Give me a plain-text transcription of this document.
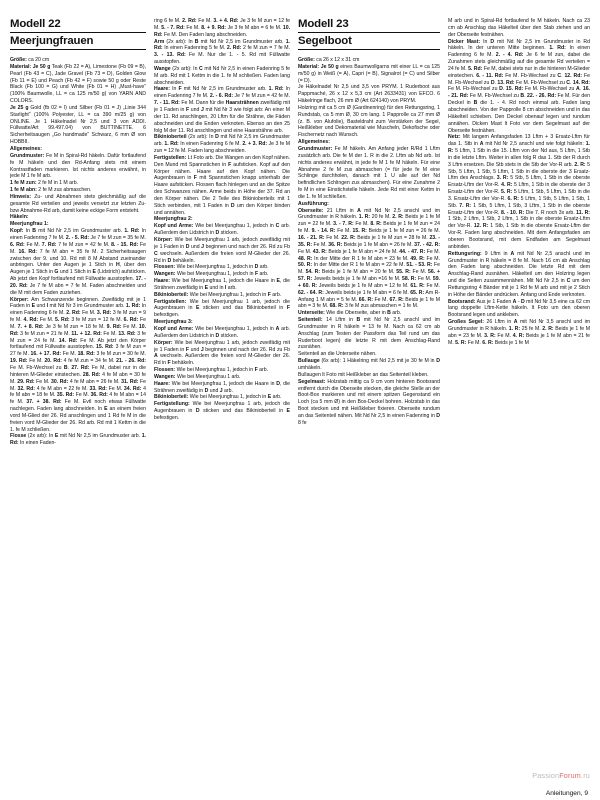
Modell 22
Meerjungfrauen

Größe: ca 20 cm

Material: Je 50 g Teak (Fb 22 = A), Limestone (Fb 09 = B), Pearl (Fb 43 = C), Jade Gravel (Fb 73 = D), Golden Glow (Fb 11 = E) und Peach (Fb 42 = F) sowie 50 g oder Reste Black (Fb 100 = G) und White (Fb 01 = H) „Must-have“ (100% Baumwolle, LL = ca 125 m/50 g) von YARN AND COLORS.

Je 25 g Gold (fb 02 = I) und Silber (Fb 01 = J) „Linie 344 Starlight“ (100% Polyester, LL = ca 390 m/25 g) von ONLINE. Je 1 Häkelnadel Nr 2,5 und 3 von ADDI. Füllwatte/Art 99.497.04) von BUTTINETTE. 6 Sicherheitsaugen „Go handmade“ Schwarz, 6 mm Ø von HOBBII.

Allgemeines:

Grundmuster: Fe M in Spiral-Rd häkeln. Dafür fortlaufend fe M häkeln und den Rd-Anfang stets mit einem Kontrastfaden markieren. Ist nichts anderes erwähnt, in jede M 1 fe M arb.

1 fe M zun: 2 fe M in 1 M arb.

1 fe M abn: 2 fe M zus abmaschen.

Hinweis: Zu- und Abnahmen stets gleichmäßig auf die gesamte Rd verteilen und jeweils versetzt zur letzten Zu- bzw Abnahme-Rd arb, damit keine eckige Form entsteht.

Häkeln:

Meerjungfrau 1:

Kopf: In B mit Nd Nr 2,5 im Grundmuster arb. 1. Rd: In einen Fadenring 7 fe M. 2. - 5. Rd: Je 7 fe M zun = 35 fe M. 6. Rd: Fe M. 7. Rd: 7 fe M zun = 42 fe M. 8. - 15. Rd: Fe M. 16. Rd: 7 fe M abn = 35 fe M. 2 Sicherheitsaugen zwischen der 9. und 10. Rd mit 8 M Abstand zueinander anbringen. Unter den Augen je 1 Stich in H, über den Augen je 1 Stich in G und 1 Stich in E (Lidstrich) aufsticken. Ab jetzt den Kopf fortlaufend mit Füllwatte ausstopfen. 17. - 20. Rd: Je 7 fe M abn = 7 fe M. Faden abschneiden und die M mit dem Faden zuziehen.

Körper: Am Schwanzende beginnen. Zweifädig mit je 1 Faden in E und I mit Nd Nr 3 im Grundmuster arb. 1. Rd: In einen Fadenring 6 fe M. 2. Rd: Fe M. 3. Rd: 3 fe M zun = 9 fe M. 4. Rd: Fe M. 5. Rd: 3 fe M zun = 12 fe M. 6. Rd: Fe M. 7. + 8. Rd: Je 3 fe M zun = 18 fe M. 9. Rd: Fe M. 10. Rd: 3 fe M zun = 21 fe M. 11. + 12. Rd: Fe M. 13. Rd: 3 fe M zun = 24 fe M. 14. Rd: Fe M. Ab jetzt den Körper fortlaufend mit Füllwatte ausstopfen. 15. Rd: 3 fe M zun = 27 fe M. 16. + 17. Rd: Fe M. 18. Rd: 3 fe M zun = 30 fe M. 19. Rd: Fe M. 20. Rd: 4 fe M zun = 34 fe M. 21. - 26. Rd: Fe M. Fb-Wechsel zu B. 27. Rd: Fe M, dabei nur in die hinteren M-Glieder einstechen. 28. Rd: 4 fe M abn = 30 fe M. 29. Rd: Fe M. 30. Rd: 4 fe M abn = 26 fe M. 31. Rd: Fe M. 32. Rd: 4 fe M abn = 22 fe M. 33. Rd: Fe M. 34. Rd: 4 fe M abn = 18 fe M. 35. Rd: Fe M. 36. Rd: 4 fe M abn = 14 fe M. 37. + 38. Rd: Fe M. Evtl noch etwas Füllwatte nachlegen. Faden lang abschneiden. In E an einem freien vord M-Glied der 26. Rd anschlingen und 1 Rd fe M in die freien vord M-Glieder der 26. Rd arb. Rd mit 1 Kettm in die 1. fe M schließen.

Flosse (2x arb): In E mit Nd Nr 2,5 im Grundmuster arb. 1. Rd: In einen Faden-

ring 6 fe M. 2. Rd: Fe M. 3. + 4. Rd: Je 3 fe M zun = 12 fe M. 5. - 7. Rd: Fe M. 8. + 9. Rd: Je 3 fe M abn = 6 fe M. 10. Rd: Fe M. Den Faden lang abschneiden.

Arm (2x arb): In B mit Nd Nr 2,5 im Grundmuster arb. 1. Rd: In einen Fadenring 5 fe M. 2. Rd: 2 fe M zun = 7 fe M. 3. - 13. Rd: Fe M. Nur die 1. - 5. Rd mit Füllwatte ausstopfen.

Wange (2x arb): In C mit Nd Nr 2,5 in einen Fadenring 5 fe M arb. Rd mit 1 Kettm in die 1. fe M schließen. Faden lang abschneiden.

Haare: In F mit Nd Nr 2,5 im Grundmuster arb. 1. Rd: In einen Fadenring 7 fe M. 2. - 6. Rd: Je 7 fe M zun = 42 fe M. 7. - 11. Rd: Fe M. Dann für die Haarsträhnen zweifädig mit je 1 Faden in F und J mit Nd Nr 3 wie folgt arb: An einer M der 11. Rd anschlingen, 20 Lftm für die Strähne, die Fäden abschneiden und die Enden verknoten. Ebenso an den 25 folg M der 11. Rd anschlingen und eine Haarsträhne arb.

Bikinioberteil (2x arb): In D mit Nd Nr 2,5 im Grundmuster arb. 1. Rd: In einen Fadenring 6 fe M. 2. + 3. Rd: Je 3 fe M zun = 12 fe M. Faden lang abschneiden.

Fertigstellen: Lt Foto arb. Die Wangen an den Kopf nähen. Den Mund mit Spannstichen in F aufsticken. Kopf auf den Körper nähen. Haare auf den Kopf nähen. Die Augenbrauen in F mit Spannstichen knapp unterhalb der Haare aufsticken. Flossen flach hinlegen und an die Spitze des Schwanzes nähen. Arme beids in Höhe der 37. Rd an den Körper nähen. Die 2 Teile des Bikinioberteils mit 1 Stich verbinden, mit 1 Faden in D um den Körper binden und annähen.

Meerjungfrau 2:

Kopf und Arme: Wie bei Meerjungfrau 1, jedoch in C arb. Außerdem den Lidstrich in D sticken.

Körper: Wie bei Meerjungfrau 1 arb, jedoch zweifädig mit je 1 Faden in D und J beginnen und nach der 26. Rd zu Fb C wechseln. Außerdem die freien vord M-Glieder der 26. Rd in D behäkeln.

Flossen: Wie bei Meerjungfrau 1, jedoch in D arb.

Wangen: Wie bei Meerjungfrau 1, jedoch in F arb.

Haare: Wie bei Meerjungfrau 1, jedoch die Haare in E, die Strähnen zweifädig in E und in I arb.

Bikinioberteil: Wie bei Meerjungfrau 1, jedoch in F arb.

Fertigstellen: Wie bei Meerjungfrau 1 arb, jedoch die Augenbrauen in E sticken und das Bikinioberteil in F befestigen.

Meerjungfrau 3:

Kopf und Arme: Wie bei Meerjungfrau 1, jedoch in A arb. Außerdem den Lidstrich in D sticken.

Körper: Wie bei Meerjungfrau 1 arb, jedoch zweifädig mit je 1 Faden in F und J beginnen und nach der 26. Rd zu Fb A wechseln. Außerdem die freien vord M-Glieder der 26. Rd in F behäkeln.

Flossen: Wie bei Meerjungfrau 1, jedoch in F arb.

Wangen: Wie bei Meerjungfrau 1 arb.

Haare: Wie bei Meerjungfrau 1, jedoch die Haare in D, die Strähnen zweifädig in D und J arb.

Bikinioberteil: Wie bei Meerjungfrau 1, jedoch in E arb.

Fertigstellung: Wie bei Meerjungfrau 1 arb, jedoch die Augenbrauen in D sticken und das Bikinioberteil in E befestigen.

Modell 23
Segelboot

Größe: ca 26 x 12 x 31 cm

Material: Je 50 g eines Baumwollgarns mit einer LL = ca 125 m/50 g) in Weiß (= A), Capri (= B), Signalrot (= C) und Silber (= D).

Je Häkelnadel Nr 2,5 und 3,5 von PRYM. 1 Ruderboot aus Pappmaché, 26 x 12 x 5,3 cm (Art 2633431) von EFCO. 6 Häkelringe flach, 26 mm Ø (Art 624140) von PRYM.

Holzring mit ca 5 cm Ø (Gardinenring) für den Rettungsring, 1 Rundstab, ca 5 mm Ø, 30 cm lang. 1 Papprolle ca 27 mm Ø (z. B. von Alufolie), Basteldraht zum Verstärken der Segel, Heißkleber und Dekomaterial wie Muscheln, Dekofische oder Fischernetz nach Wunsch.

Allgemeines:

Grundmuster: Fe M häkeln. Am Anfang jeder R/Rd 1 Lftm zusätzlich arb. Die fe M der 1. R in die 2. Lftm ab Nd arb. Ist nichts anderes erwähnt, in jede fe M 1 fe M häkeln. Für eine Abnahme 2 fe M zus abmaschen (= für jede fe M eine Schlinge durchholen, danach mit 1 U alle auf der Nd befindlichen Schlingen zus abmaschen). Für eine Zunahme 2 fe M in eine Einstichstelle häkeln. Jede Rd mit einer Kettm in die 1. fe M schließen.

Ausführung:

Oberseite: 21 Lftm in A mit Nd Nr 2,5 anschl und im Grundmuster in R häkeln. 1. R: 20 fe M. 2. R: Beids je 1 fe M zun = 22 fe M. 3. - 7. R: Fe M. 8. R: Beids je 1 fe M zun = 24 fe M. 9. - 14. R: Fe M. 15. R: Beids je 1 fe M zun = 26 fe M. 16. - 21. R: Fe M. 22. R: Beids je 1 fe M zun = 28 fe M. 23. - 35. R: Fe M. 36. R: Beids je 1 fe M abn = 26 fe M. 37. - 42. R: Fe M. 43. R: Beids je 1 fe M abn = 24 fe M. 44. - 47. R: Fe M. 48. R: In der Mitte der R 1 fe M abn = 23 fe M. 49. R: Fe M. 50. R: In der Mitte der R 1 fe M abn = 22 fe M. 51. - 53. R: Fe M. 54. R: Beids je 1 fe M abn = 20 fe M. 55. R: Fe M. 56. + 57. R: Jeweils beids je 1 fe M abn =16 fe M. 58. R: Fe M. 59. + 60. R: Jeweils beids je 1 fe M abn = 12 fe M. 61. R: Fe M. 62. - 64. R: Jeweils beids je 1 fe M abn = 6 fe M. 65. R: Am R-Anfang 1 M abn = 5 fe M. 66. R: Fe M. 67. R: Beids je 1 fe M abn = 3 fe M. 68. R: 3 fe M zus abmaschen = 1 fe M.

Unterseite: Wie die Oberseite, aber in B arb.

Seitenteil: 14 Lftm in B mit Nd Nr 2,5 anschl und im Grundmuster in R häkeln = 13 fe M. Nach ca 62 cm ab Anschlag (zum Testen der Passform das Teil rund um das Ruderboot legen) die letzte R mit dem Anschlag-Rand zusnähen.

Seitenteil an die Unterseite nähen.

Bullauge (6x arb): 1 Häkelring mit Nd 2,5 mit je 30 fe M in D umhäkeln.

Bullaugen lt Foto mit Heißkleber an das Seitenteil kleben.

Segelmast: Holzstab mittig ca 9 cm vom hinteren Bootsrand entfernt durch die Oberseite stecken, die gleiche Stelle an der Boot-Box markieren und mit einem spitzen Gegenstand ein Loch (ca 5 mm Ø) in den Box-Deckel bohren. Holzstab in das Boot stecken und mit Heißkleber fixieren. Oberseite rundum an das Seitenteil nähen. Mit Nd Nr 2,5 in einen Fadenring in D 8 fe

M arb und in Spiral-Rd fortlaufend fe M häkeln. Nach ca 23 cm ab Anschlag das Häkelteil über den Stab ziehen und an der Oberseite festnähen.

Dicker Mast: In D mit Nd Nr 2,5 im Grundmuster in Rd häkeln. In der unteren Mitte beginnen. 1. Rd: In einen Fadenring 6 fe M. 2. - 4. Rd: Je 6 fe M zun, dabei die Zunahmen stets gleichmäßig auf die gesamte Rd verteilen = 24 fe M. 5. Rd: Fe M, dabei stets nur in die hinteren M-Glieder einstechen. 6. - 11. Rd: Fe M. Fb-Wechsel zu C. 12. Rd: Fe M. Fb-Wechsel zu D. 13. Rd: Fe M. Fb-Wechsel zu C. 14. Rd: Fe M. Fb-Wechsel zu D. 15. Rd: Fe M. Fb-Wechsel zu A. 16. - 21. Rd: Fe M. Fb-Wechsel zu B. 22. - 26. Rd: Fe M. Für den Deckel in B die 1. - 4. Rd noch einmal arb. Faden lang abschneiden. Von der Papprolle 8 cm abschneiden und in das Häkelteil schieben. Den Deckel obenauf legen und rundum annähen. Dicken Mast lt Foto vor dem Segelmast auf der Oberseite festnähen.

Netz: Mit langem Anfangsfaden 13 Lftm + 3 Ersatz-Lftm für das 1. Stb in A mit Nd Nr 2,5 anschl und wie folgt häkeln: 1. R: 5 Lftm, 1 Stb in die 15. Lftm von der Nd aus, 5 Lftm, 1 Stb in die letzte Lftm. Weiter in allen folg R das 1. Stb der R durch 3 Lftm ersetzen. Die Stb stets in die Stb der Vor-R arb. 2. R: 5 Stb, 5 Lftm, 1 Stb, 5 Lftm, 1 Stb in die oberste der 3 Ersatz-Lftm des Anschlags. 3. R: 5 Stb, 5 Lftm, 1 Stb in die oberste Ersatz-Lftm der Vor-R. 4. R: 5 Lftm, 1 Stb in die oberste der 3 Ersatz-Lftm der Vor-R. 5. R: 5 Lftm, 1 Stb, 5 Lftm, 1 Stb in die 3. Ersatz-Lftm der Vor-R. 6. R: 5 Lftm, 1 Stb, 5 Lftm, 1 Stb, 1 Stb. 7. R: 1 Stb, 5 Lftm, 1 Stb, 3 Lftm, 1 Stb in die oberste Ersatz-Lftm der Vor-R. 8. - 10. R: Die 7. R noch 3x arb. 11. R: 1 Stb, 2 Lftm, 1 Stb, 2 Lftm, 1 Stb in die oberste Ersatz-Lftm der Vor-R. 12. R: 1 Stb, 1 Stb in die oberste Ersatz-Lftm der Vor-R. Faden lang abschneiden. Mit dem Anfangsfaden am oberen Bootsrand, mit dem Endfaden am Segelmast anbinden.

Rettungsring: 9 Lftm in A mit Nd Nr 2,5 anschl und im Grundmuster in R häkeln = 8 fe M. Nach 16 cm ab Anschlag den Faden lang abschneiden. Die letzte Rd mit dem Anschlag-Rand zusnähen. Häkelteil um den Holzring legen und die Seiten zusammennähen. Mit Nd Nr 2,5 in C um den Rettungsring 4 Bänder mit je 1 Rd fe M arb und mit je 2 Stich in Höhe der Bänder andrücken. Anfang und Ende verknoten.

Bootsrand: Aus je 1 Faden A - D mit Nd Nr 3,5 eine ca 62 cm lang doppelte Lftm-Kette häkeln. lt Foto um den oberen Bootsrand legen und ankleben.

Großes Segel: 26 Lftm in A mit Nd Nr 3,5 anschl und im Grundmuster in R häkeln. 1. R: 25 fe M. 2. R: Beids je 1 fe M abn = 23 fe M. 3. R: Fe M. 4. R: Beids je 1 fe M abn = 21 fe M. 5. R: Fe M. 6. R: Beids je 1 fe M

Anleitungen, 9
PassionForum.ru
